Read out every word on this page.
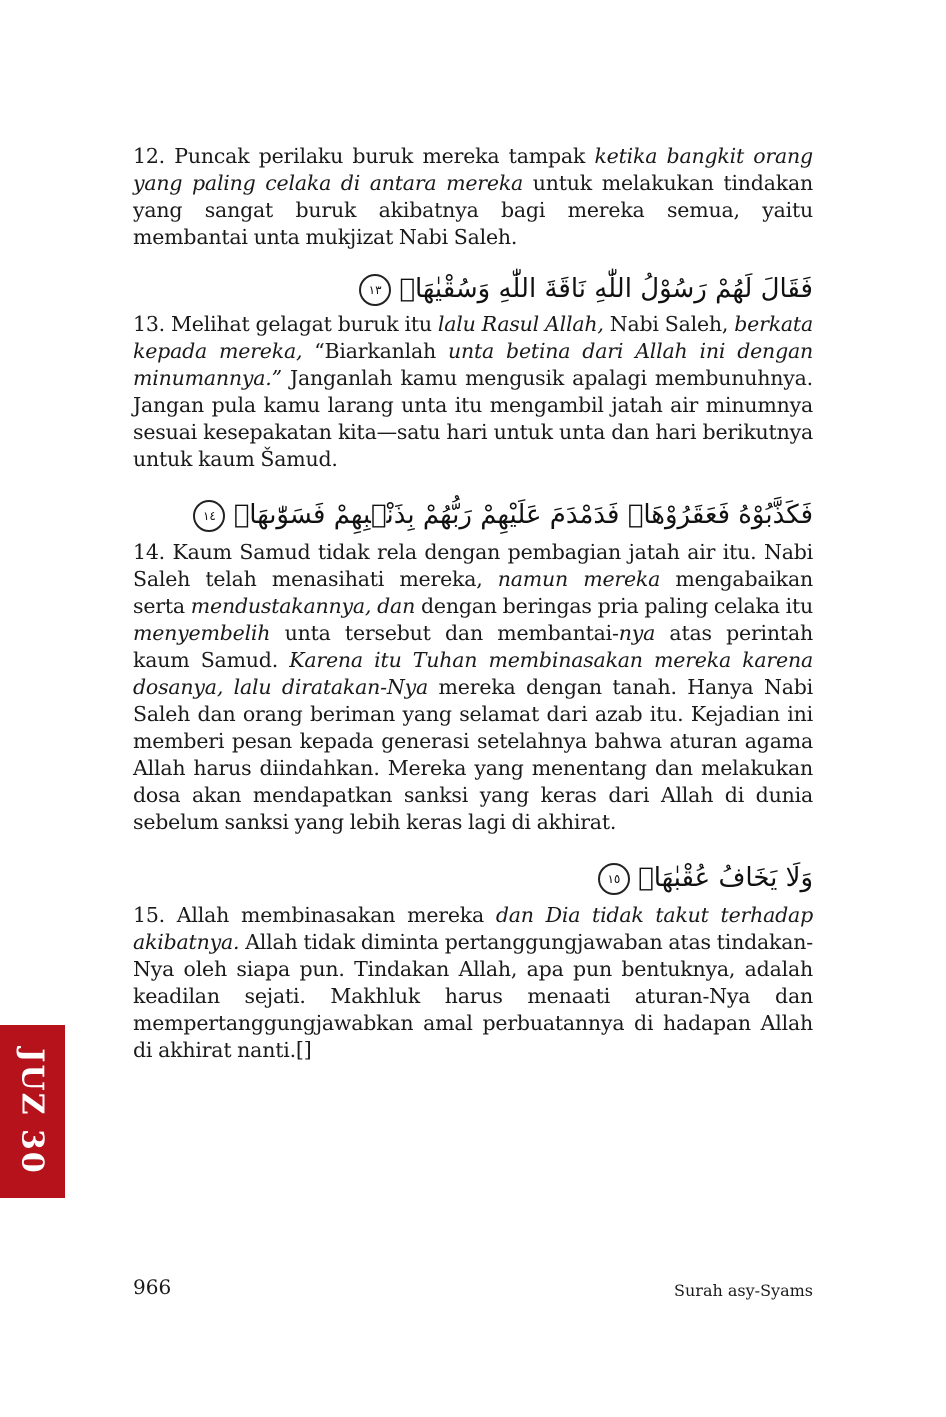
12. Puncak perilaku buruk mereka tampak ketika bangkit orang yang paling celaka di antara mereka untuk melakukan tindakan yang sangat buruk akibatnya bagi mereka semua, yaitu membantai unta mukjizat Nabi Saleh.

فَقَالَ لَهُمْ رَسُوْلُ اللّٰهِ نَاقَةَ اللّٰهِ وَسُقْيٰهَاۗ ١٣

13. Melihat gelagat buruk itu lalu Rasul Allah, Nabi Saleh, berkata kepada mereka, “Biarkanlah unta betina dari Allah ini dengan minumannya.” Janganlah kamu mengusik apalagi membunuhnya. Jangan pula kamu larang unta itu mengambil jatah air minumnya sesuai kesepakatan kita—satu hari untuk unta dan hari berikutnya untuk kaum Šamud.

فَكَذَّبُوْهُ فَعَقَرُوْهَاۖ فَدَمْدَمَ عَلَيْهِمْ رَبُّهُمْ بِذَنْۢبِهِمْ فَسَوّٰىهَاۖ ١٤

14. Kaum Samud tidak rela dengan pembagian jatah air itu. Nabi Saleh telah menasihati mereka, namun mereka mengabaikan serta mendustakannya, dan dengan beringas pria paling celaka itu menyembelih unta tersebut dan membantai-nya atas perintah kaum Samud. Karena itu Tuhan membinasakan mereka karena dosanya, lalu diratakan-Nya mereka dengan tanah. Hanya Nabi Saleh dan orang beriman yang selamat dari azab itu. Kejadian ini memberi pesan kepada generasi setelahnya bahwa aturan agama Allah harus diindahkan. Mereka yang menentang dan melakukan dosa akan mendapatkan sanksi yang keras dari Allah di dunia sebelum sanksi yang lebih keras lagi di akhirat.

وَلَا يَخَافُ عُقْبٰهَاࣖ ١٥

15. Allah membinasakan mereka dan Dia tidak takut terhadap akibatnya. Allah tidak diminta pertanggungjawaban atas tindakan-Nya oleh siapa pun. Tindakan Allah, apa pun bentuknya, adalah keadilan sejati. Makhluk harus menaati aturan-Nya dan mempertanggungjawabkan amal perbuatannya di hadapan Allah di akhirat nanti.[]

JUZ 30
966	Surah asy-Syams
